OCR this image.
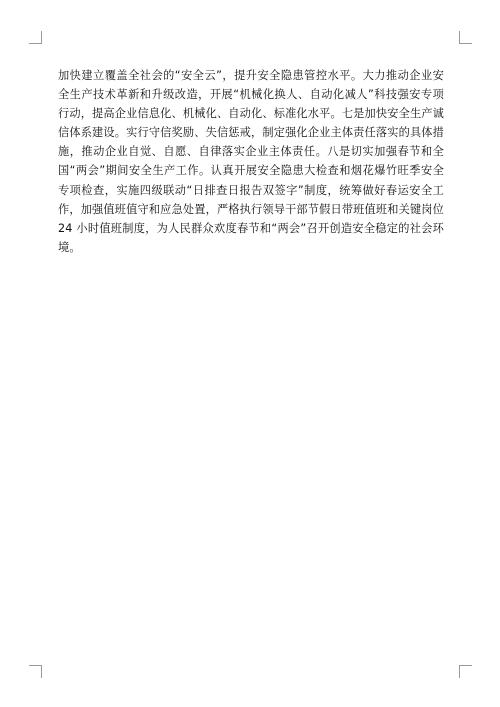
加快建立覆盖全社会的“安全云”，提升安全隐患管控水平。大力推动企业安全生产技术革新和升级改造，开展“机械化换人、自动化减人”科技强安专项行动，提高企业信息化、机械化、自动化、标准化水平。七是加快安全生产诚信体系建设。实行守信奖励、失信惩戒，制定强化企业主体责任落实的具体措施，推动企业自觉、自愿、自律落实企业主体责任。八是切实加强春节和全国“两会”期间安全生产工作。认真开展安全隐患大检查和烟花爆竹旺季安全专项检查，实施四级联动“日排查日报告双签字”制度，统筹做好春运安全工作，加强值班值守和应急处置，严格执行领导干部节假日带班值班和关键岗位 24 小时值班制度，为人民群众欢度春节和“两会”召开创造安全稳定的社会环境。
